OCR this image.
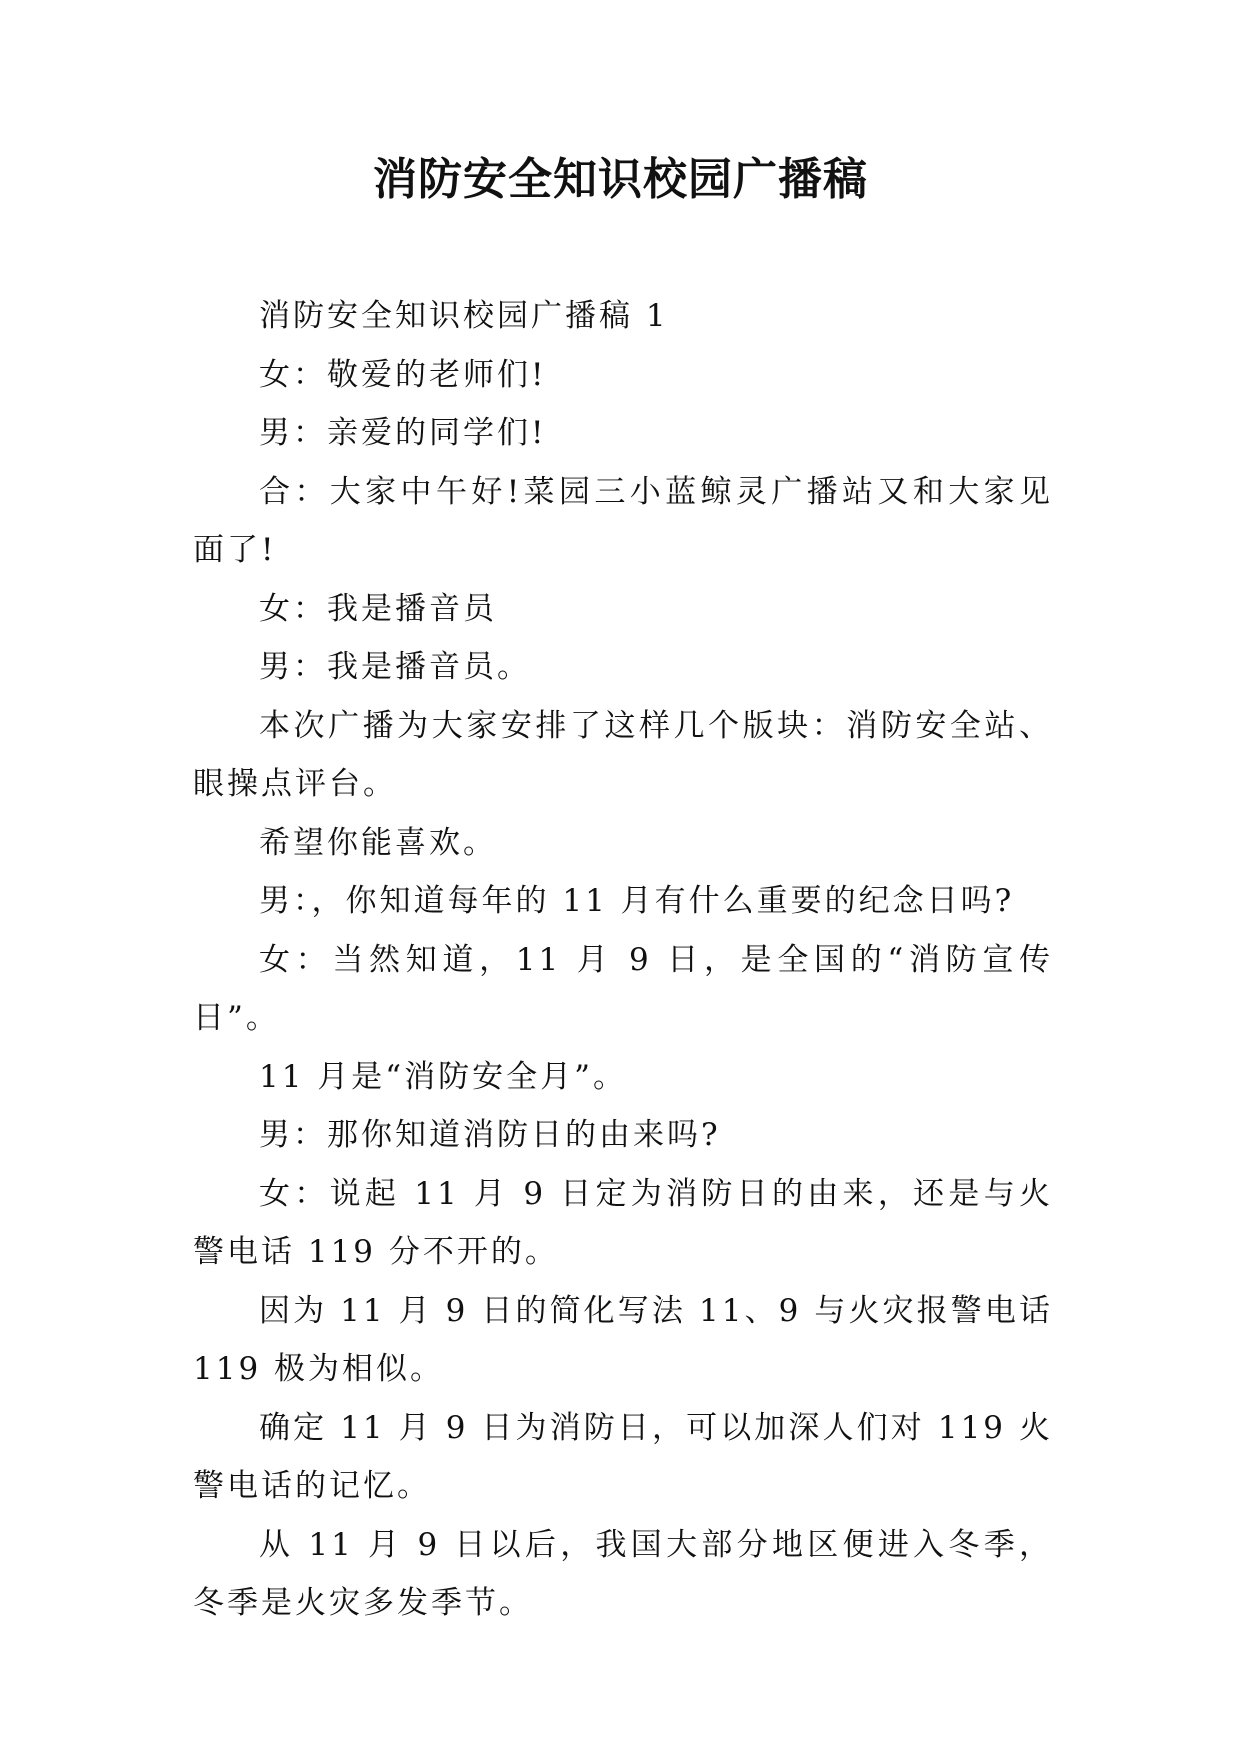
消防安全知识校园广播稿

消防安全知识校园广播稿 1

女：敬爱的老师们!

男：亲爱的同学们!

合：大家中午好!菜园三小蓝鲸灵广播站又和大家见面了!

女：我是播音员

男：我是播音员。

本次广播为大家安排了这样几个版块：消防安全站、眼操点评台。

希望你能喜欢。

男：，你知道每年的 11 月有什么重要的纪念日吗?

女：当然知道，11 月 9 日，是全国的“消防宣传日”。

11 月是“消防安全月”。

男：那你知道消防日的由来吗?

女：说起 11 月 9 日定为消防日的由来，还是与火警电话 119 分不开的。

因为 11 月 9 日的简化写法 11、9 与火灾报警电话 119 极为相似。

确定 11 月 9 日为消防日，可以加深人们对 119 火警电话的记忆。

从 11 月 9 日以后，我国大部分地区便进入冬季，冬季是火灾多发季节。
